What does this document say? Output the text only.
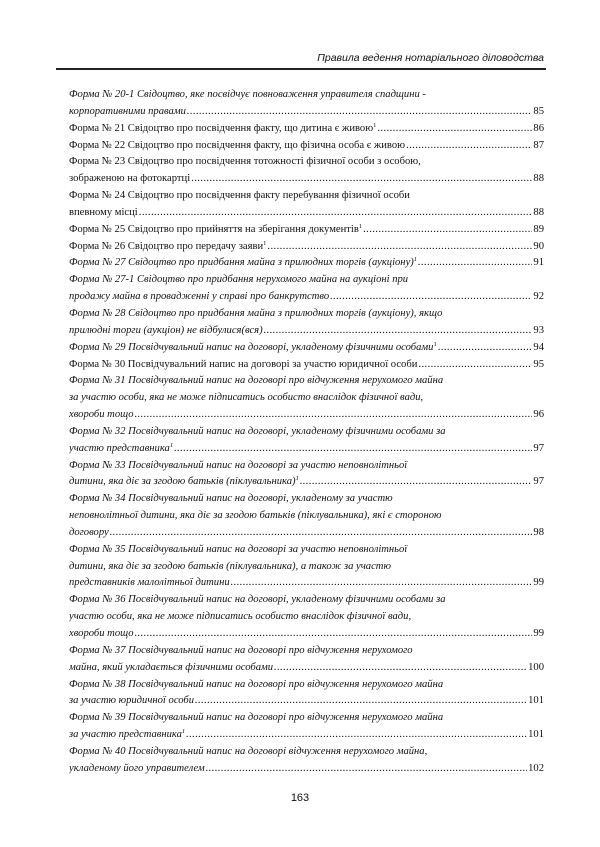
Правила ведення нотаріального діловодства
Форма № 20-1 Свідоцтво, яке посвідчує повноваження управителя спадщини -
корпоративними правами .....	85
Форма № 21 Свідоцтво про посвідчення факту, що дитина є живою$^1$ .....	86
Форма № 22 Свідоцтво про посвідчення факту, що фізична особа є живою .....	87
Форма № 23 Свідоцтво про посвідчення тотожності фізичної особи з особою,
зображеною на фотокартці .....	88
Форма № 24 Свідоцтво про посвідчення факту перебування фізичної особи
впевному місці .....	88
Форма № 25 Свідоцтво про прийняття на зберігання документів$^1$ .....	89
Форма № 26 Свідоцтво про передачу заяви$^1$ .....	90
Форма № 27 Свідоцтво про придбання майна з прилюдних торгів (аукціону)$^1$ .....	91
Форма № 27-1 Свідоцтво про придбання нерухомого майна на аукціоні при
продажу майна в провадженні у справі про банкрутство .....	92
Форма № 28 Свідоцтво про придбання майна з прилюдних торгів (аукціону), якщо
прилюдні торги (аукціон) не відбулися(вся) .....	93
Форма № 29 Посвідчувальний напис на договорі, укладеному фізичними особами$^1$ .....	94
Форма № 30 Посвідчувальний напис на договорі за участю юридичної особи .....	95
Форма № 31 Посвідчувальний напис на договорі про відчуження нерухомого майна
за участю особи, яка не може підписатись особисто внаслідок фізичної вади,
хвороби тощо .....	96
Форма № 32 Посвідчувальний напис на договорі, укладеному фізичними особами за
участю представника$^1$ .....	97
Форма № 33 Посвідчувальний напис на договорі за участю неповнолітньої
дитини, яка діє за згодою батьків (піклувальника)$^1$ .....	97
Форма № 34 Посвідчувальний напис на договорі, укладеному за участю
неповнолітньої дитини, яка діє за згодою батьків (піклувальника), які є стороною
договору .....	98
Форма № 35 Посвідчувальний напис на договорі за участю неповнолітньої
дитини, яка діє за згодою батьків (піклувальника), а також за участю
представників малолітньої дитини .....	99
Форма № 36 Посвідчувальний напис на договорі, укладеному фізичними особами за
участю особи, яка не може підписатись особисто внаслідок фізичної вади,
хвороби тощо .....	99
Форма № 37 Посвідчувальний напис на договорі про відчуження нерухомого
майна, який укладається фізичними особами .....	100
Форма № 38 Посвідчувальний напис на договорі про відчуження нерухомого майна
за участю юридичної особи .....	101
Форма № 39 Посвідчувальний напис на договорі про відчуження нерухомого майна
за участю представника$^1$ .....	101
Форма № 40 Посвідчувальний напис на договорі відчуження нерухомого майна,
укладеному його управителем .....	102
163
